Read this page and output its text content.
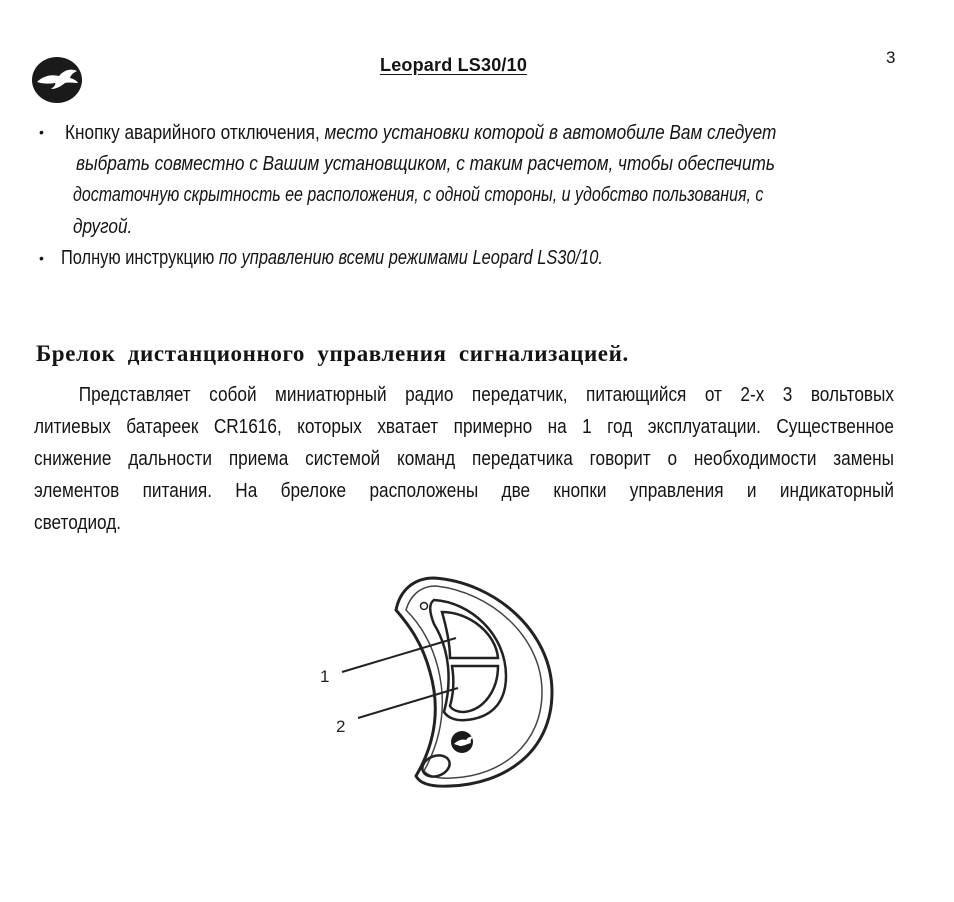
Leopard LS30/10	3
• Кнопку аварийного отключения, место установки которой в автомобиле Вам следует
выбрать совместно с Вашим установщиком, с таким расчетом, чтобы обеспечить
достаточную скрытность ее расположения, с одной стороны, и удобство пользования, с
другой.
• Полную инструкцию по управлению всеми режимами Leopard LS30/10.
Брелок дистанционного управления сигнализацией.
Представляет собой миниатюрный радио передатчик, питающийся от 2-х 3 вольтовых
литиевых батареек CR1616, которых хватает примерно на 1 год эксплуатации. Существенное
снижение дальности приема системой команд передатчика говорит о необходимости замены
элементов питания. На брелоке расположены две кнопки управления и индикаторный
светодиод.
1
2
